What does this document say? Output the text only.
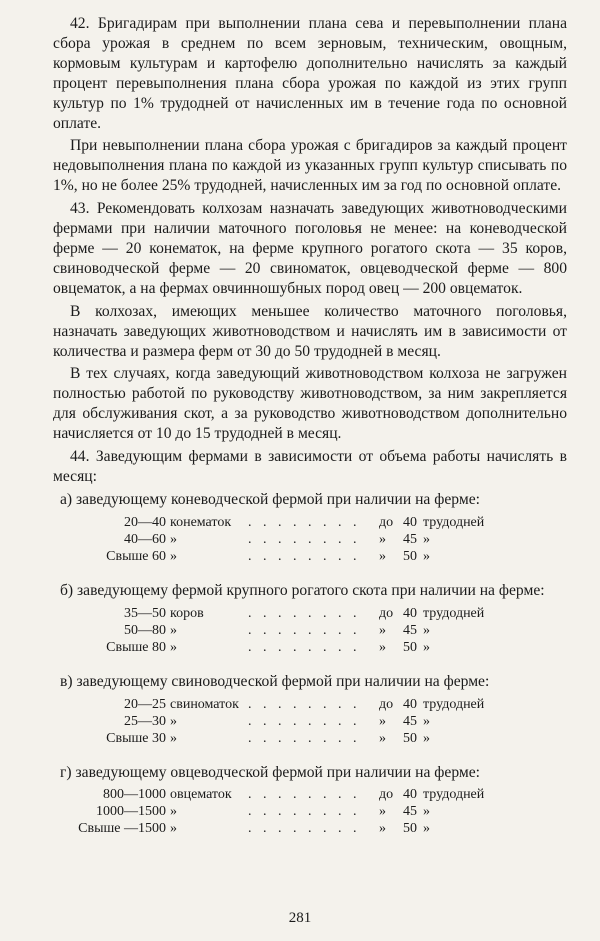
42. Бригадирам при выполнении плана сева и перевыполнении плана сбора урожая в среднем по всем зерновым, техническим, овощным, кормовым культурам и картофелю дополнительно начислять за каждый процент перевыполнения плана сбора урожая по каждой из этих групп культур по 1% трудодней от начисленных им в течение года по основной оплате.

При невыполнении плана сбора урожая с бригадиров за каждый процент недовыполнения плана по каждой из указанных групп культур списывать по 1%, но не более 25% трудодней, начисленных им за год по основной оплате.

43. Рекомендовать колхозам назначать заведующих животноводческими фермами при наличии маточного поголовья не менее: на коневодческой ферме — 20 конематок, на ферме крупного рогатого скота — 35 коров, свиноводческой ферме — 20 свиноматок, овцеводческой ферме — 800 овцематок, а на фермах овчинношубных пород овец — 200 овцематок.

В колхозах, имеющих меньшее количество маточного поголовья, назначать заведующих животноводством и начислять им в зависимости от количества и размера ферм от 30 до 50 трудодней в месяц.

В тех случаях, когда заведующий животноводством колхоза не загружен полностью работой по руководству животноводством, за ним закрепляется для обслуживания скот, а за руководство животноводством дополнительно начисляется от 10 до 15 трудодней в месяц.

44. Заведующим фермами в зависимости от объема работы начислять в месяц:

а) заведующему коневодческой фермой при наличии на ферме:

20—40 конематок . . . . . . . . до 40 трудодней
40—60 »	. . . . . . . . » 45 »
Свыше 60 »	. . . . . . . . » 50 »

б) заведующему фермой крупного рогатого скота при наличии на ферме:

35—50 коров	. . . . . . . . до 40 трудодней
50—80 »	. . . . . . . . » 45 »
Свыше 80 »	. . . . . . . . » 50 »

в) заведующему свиноводческой фермой при наличии на ферме:

20—25 свиноматок . . . . . . . . до 40 трудодней
25—30 »	. . . . . . . . » 45 »
Свыше 30 »	. . . . . . . . » 50 »

г) заведующему овцеводческой фермой при наличии на ферме:

800—1000 овцематок . . . . . . . . до 40 трудодней
1000—1500 »	. . . . . . . . » 45 »
Свыше —1500 »	. . . . . . . . » 50 »
281
